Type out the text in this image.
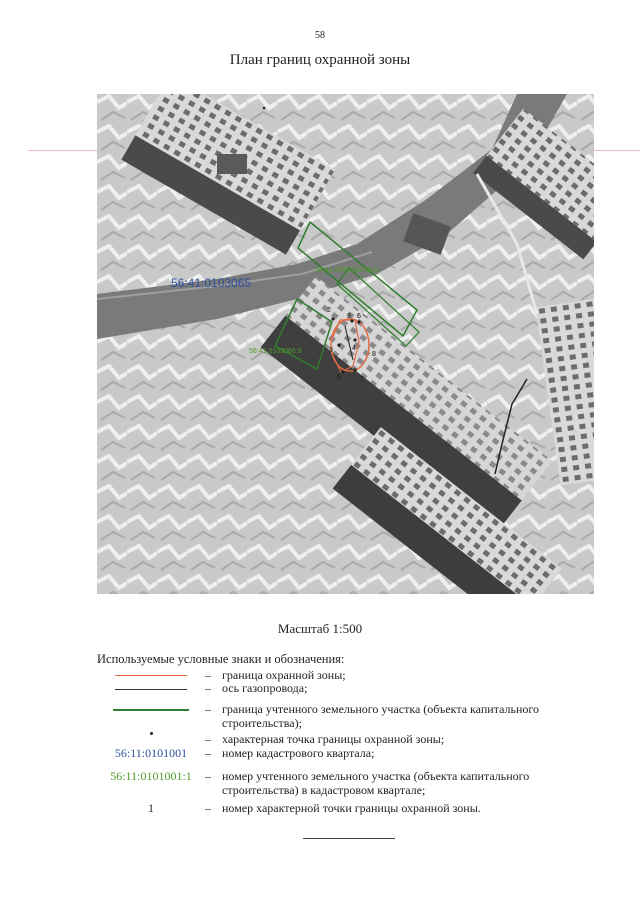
58
План границ охранной зоны
2
3 6
4
8
9
5	7
56:41:0103065
56:41:0000000:48(1)
56:41:0103066:9
Масштаб 1:500
Используемые условные знаки и обозначения:
– граница охранной зоны;
– ось газопровода;
– граница учтенного земельного участка (объекта капитального строительства);
– характерная точка границы охранной зоны;
56:11:0101001	– номер кадастрового квартала;
56:11:0101001:1	– номер учтенного земельного участка (объекта капитального строительства) в кадастровом квартале;
1	– номер характерной точки границы охранной зоны.
